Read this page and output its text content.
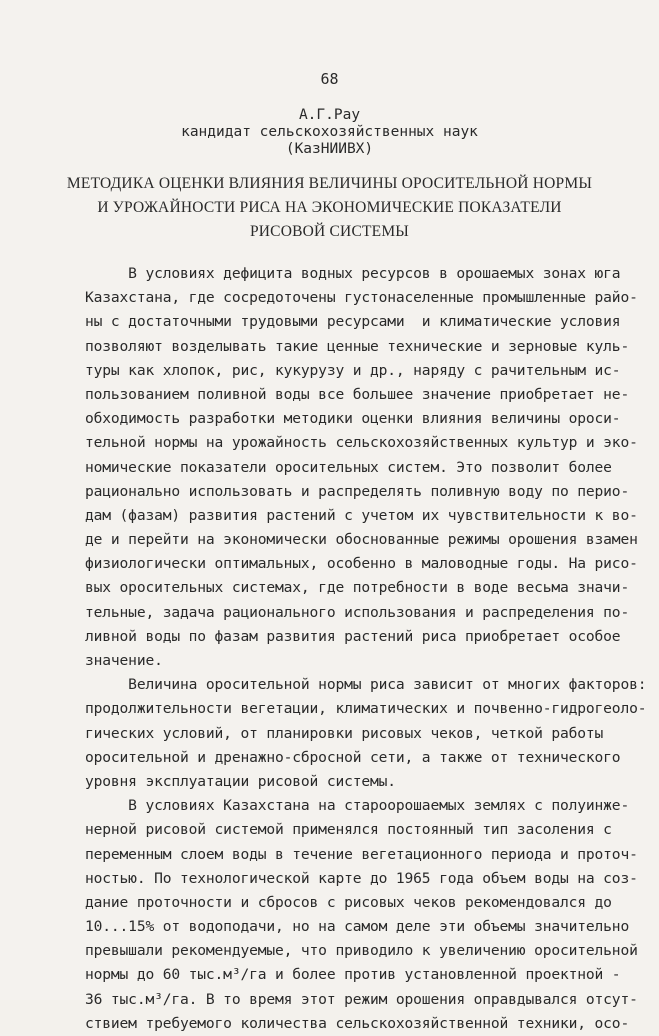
68
А.Г.Рау
кандидат сельскохозяйственных наук
(КазНИИВХ)
МЕТОДИКА ОЦЕНКИ ВЛИЯНИЯ ВЕЛИЧИНЫ ОРОСИТЕЛЬНОЙ НОРМЫ
И УРОЖАЙНОСТИ РИСА НА ЭКОНОМИЧЕСКИЕ ПОКАЗАТЕЛИ
РИСОВОЙ СИСТЕМЫ
В условиях дефицита водных ресурсов в орошаемых зонах юга
Казахстана, где сосредоточены густонаселенные промышленные райо-
ны с достаточными трудовыми ресурсами  и климатические условия
позволяют возделывать такие ценные технические и зерновые куль-
туры как хлопок, рис, кукурузу и др., наряду с рачительным ис-
пользованием поливной воды все большее значение приобретает не-
обходимость разработки методики оценки влияния величины ороси-
тельной нормы на урожайность сельскохозяйственных культур и эко-
номические показатели оросительных систем. Это позволит более
рационально использовать и распределять поливную воду по перио-
дам (фазам) развития растений с учетом их чувствительности к во-
де и перейти на экономически обоснованные режимы орошения взамен
физиологически оптимальных, особенно в маловодные годы. На рисо-
вых оросительных системах, где потребности в воде весьма значи-
тельные, задача рационального использования и распределения по-
ливной воды по фазам развития растений риса приобретает особое
значение.
Величина оросительной нормы риса зависит от многих факторов:
продолжительности вегетации, климатических и почвенно-гидрогеоло-
гических условий, от планировки рисовых чеков, четкой работы
оросительной и дренажно-сбросной сети, а также от технического
уровня эксплуатации рисовой системы.
В условиях Казахстана на староорошаемых землях с полуинже-
нерной рисовой системой применялся постоянный тип засоления с
переменным слоем воды в течение вегетационного периода и проточ-
ностью. По технологической карте до 1965 года объем воды на соз-
дание проточности и сбросов с рисовых чеков рекомендовался до
10...15% от водоподачи, но на самом деле эти объемы значительно
превышали рекомендуемые, что приводило к увеличению оросительной
нормы до 60 тыс.м³/га и более против установленной проектной -
36 тыс.м³/га. В то время этот режим орошения оправдывался отсут-
ствием требуемого количества сельскохозяйственной техники, осо-
